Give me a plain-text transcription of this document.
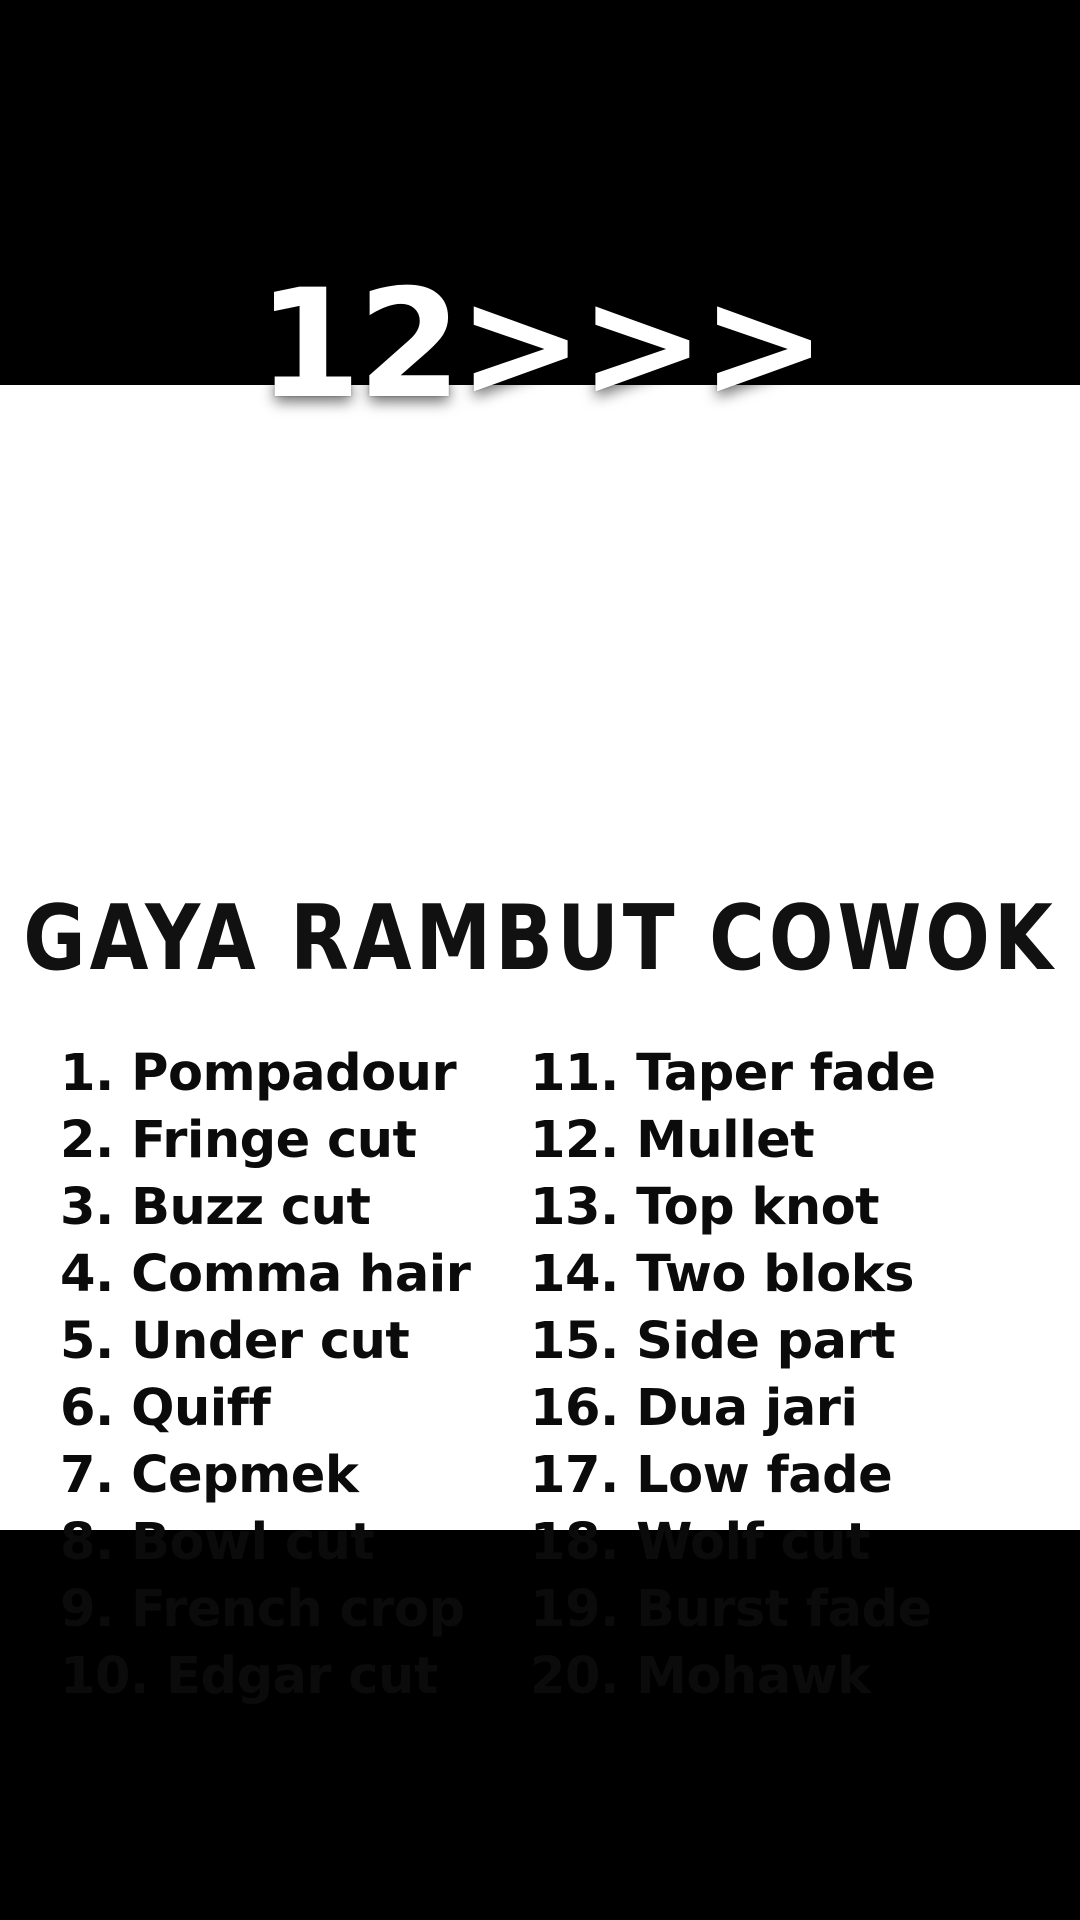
GAYA RAMBUT COWOK
1. Pompadour
2. Fringe cut
3. Buzz cut
4. Comma hair
5. Under cut
6. Quiff
7. Cepmek
8. Bowl cut
9. French crop
10. Edgar cut
11. Taper fade
12. Mullet
13. Top knot
14. Two bloks
15. Side part
16. Dua jari
17. Low fade
18. Wolf cut
19. Burst fade
20. Mohawk
12>>>
